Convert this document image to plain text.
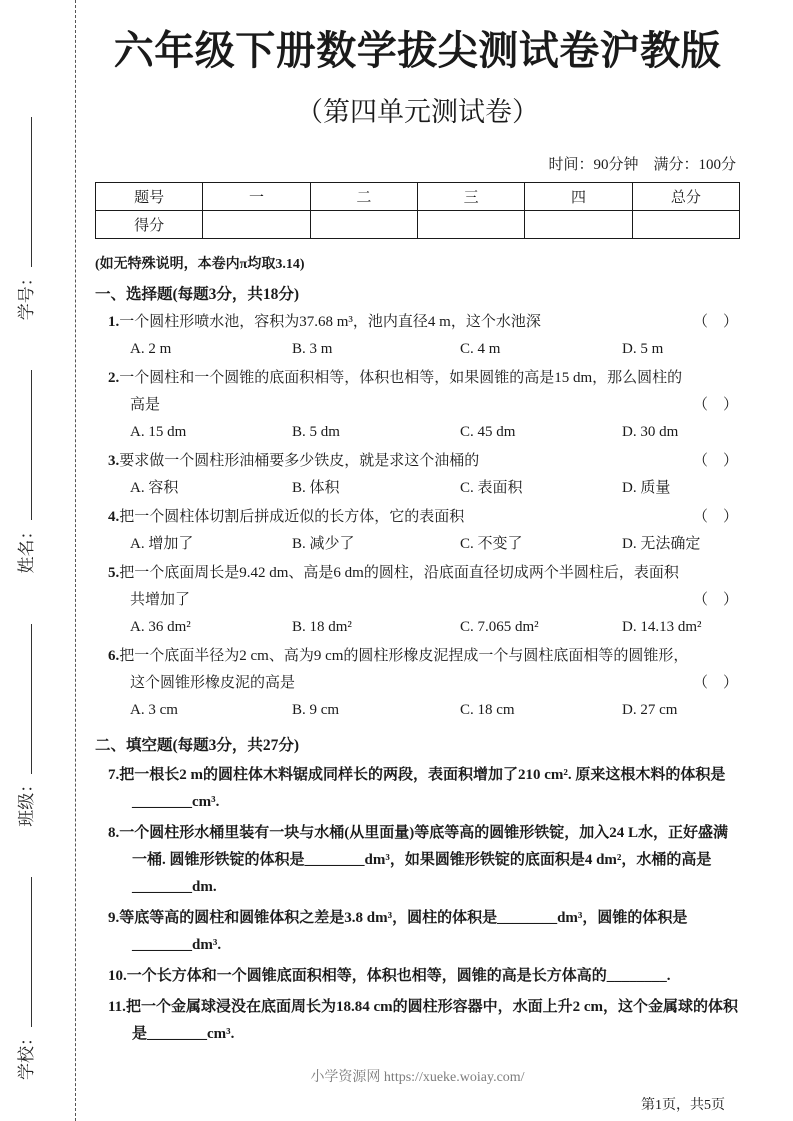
学校： 班级： 姓名： 学号：
六年级下册数学拔尖测试卷沪教版
（第四单元测试卷）
时间：90分钟　满分：100分
题号	一	二	三	四	总分
得分					
(如无特殊说明，本卷内π均取3.14)
一、选择题(每题3分，共18分)
1.一个圆柱形喷水池，容积为37.68 m³，池内直径4 m，这个水池深	（　）
A. 2 m	B. 3 m	C. 4 m	D. 5 m
2.一个圆柱和一个圆锥的底面积相等，体积也相等，如果圆锥的高是15 dm，那么圆柱的高是	（　）
A. 15 dm	B. 5 dm	C. 45 dm	D. 30 dm
3.要求做一个圆柱形油桶要多少铁皮，就是求这个油桶的	（　）
A. 容积	B. 体积	C. 表面积	D. 质量
4.把一个圆柱体切割后拼成近似的长方体，它的表面积	（　）
A. 增加了	B. 减少了	C. 不变了	D. 无法确定
5.把一个底面周长是9.42 dm、高是6 dm的圆柱，沿底面直径切成两个半圆柱后，表面积共增加了	（　）
A. 36 dm²	B. 18 dm²	C. 7.065 dm²	D. 14.13 dm²
6.把一个底面半径为2 cm、高为9 cm的圆柱形橡皮泥捏成一个与圆柱底面相等的圆锥形，这个圆锥形橡皮泥的高是	（　）
A. 3 cm	B. 9 cm	C. 18 cm	D. 27 cm
二、填空题(每题3分，共27分)
7.把一根长2 m的圆柱体木料锯成同样长的两段，表面积增加了210 cm². 原来这根木料的体积是________cm³.
8.一个圆柱形水桶里装有一块与水桶(从里面量)等底等高的圆锥形铁锭，加入24 L水，正好盛满一桶. 圆锥形铁锭的体积是________dm³，如果圆锥形铁锭的底面积是4 dm²，水桶的高是________dm.
9.等底等高的圆柱和圆锥体积之差是3.8 dm³，圆柱的体积是________dm³，圆锥的体积是________dm³.
10.一个长方体和一个圆锥底面积相等，体积也相等，圆锥的高是长方体高的________.
11.把一个金属球浸没在底面周长为18.84 cm的圆柱形容器中，水面上升2 cm，这个金属球的体积是________cm³.
小学资源网 https://xueke.woiay.com/
第1页，共5页
